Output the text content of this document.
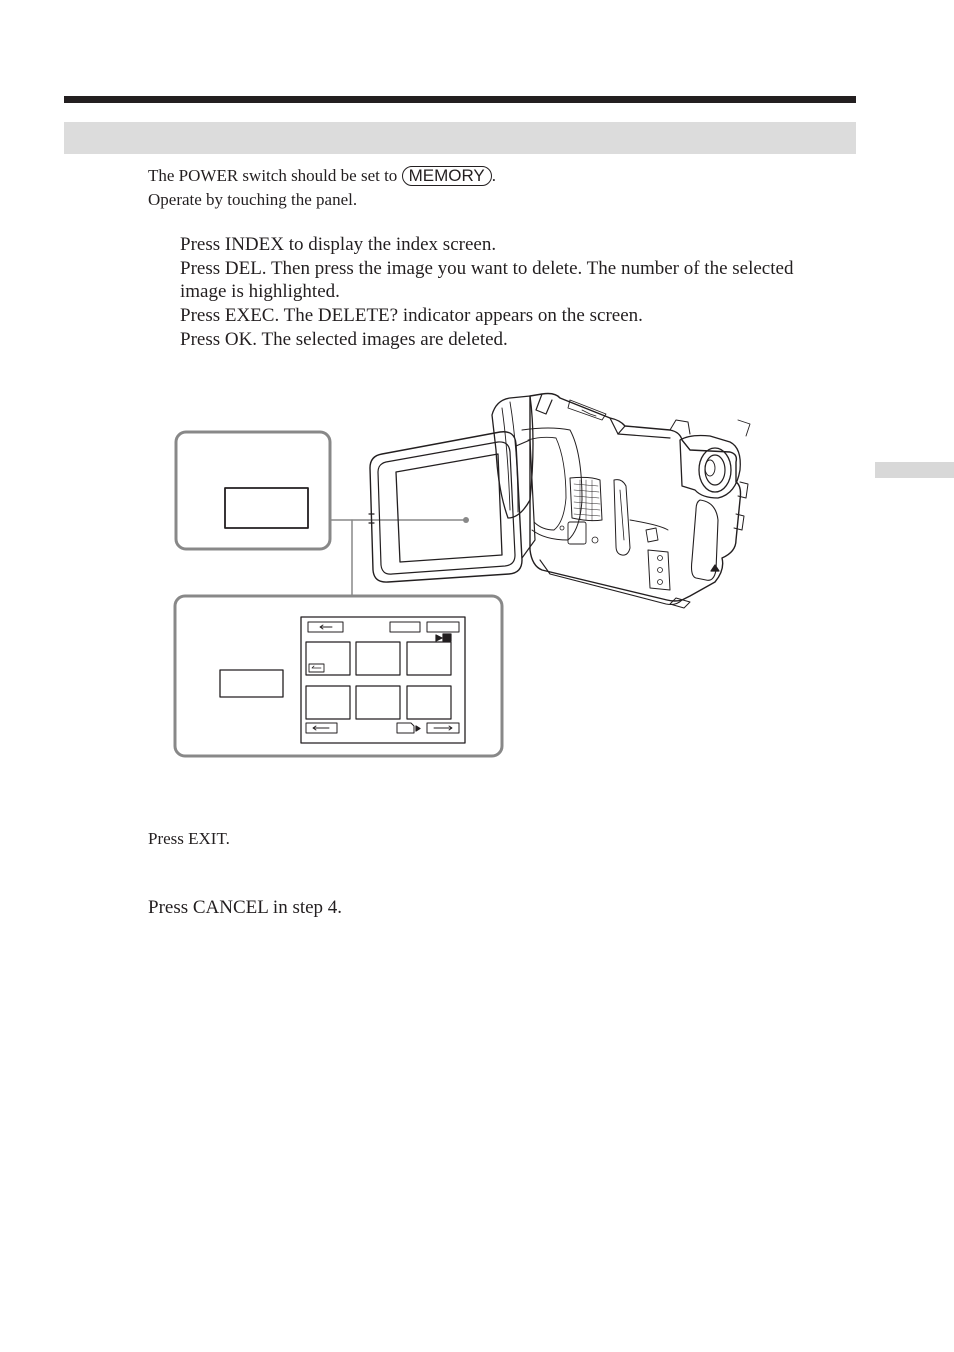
The POWER switch should be set to MEMORY .
Operate by touching the panel.
Press INDEX to display the index screen.
Press DEL. Then press the image you want to delete. The number of the selected image is highlighted.
Press EXEC. The DELETE? indicator appears on the screen.
Press OK. The selected images are deleted.
Press EXIT.
Press CANCEL in step 4.
